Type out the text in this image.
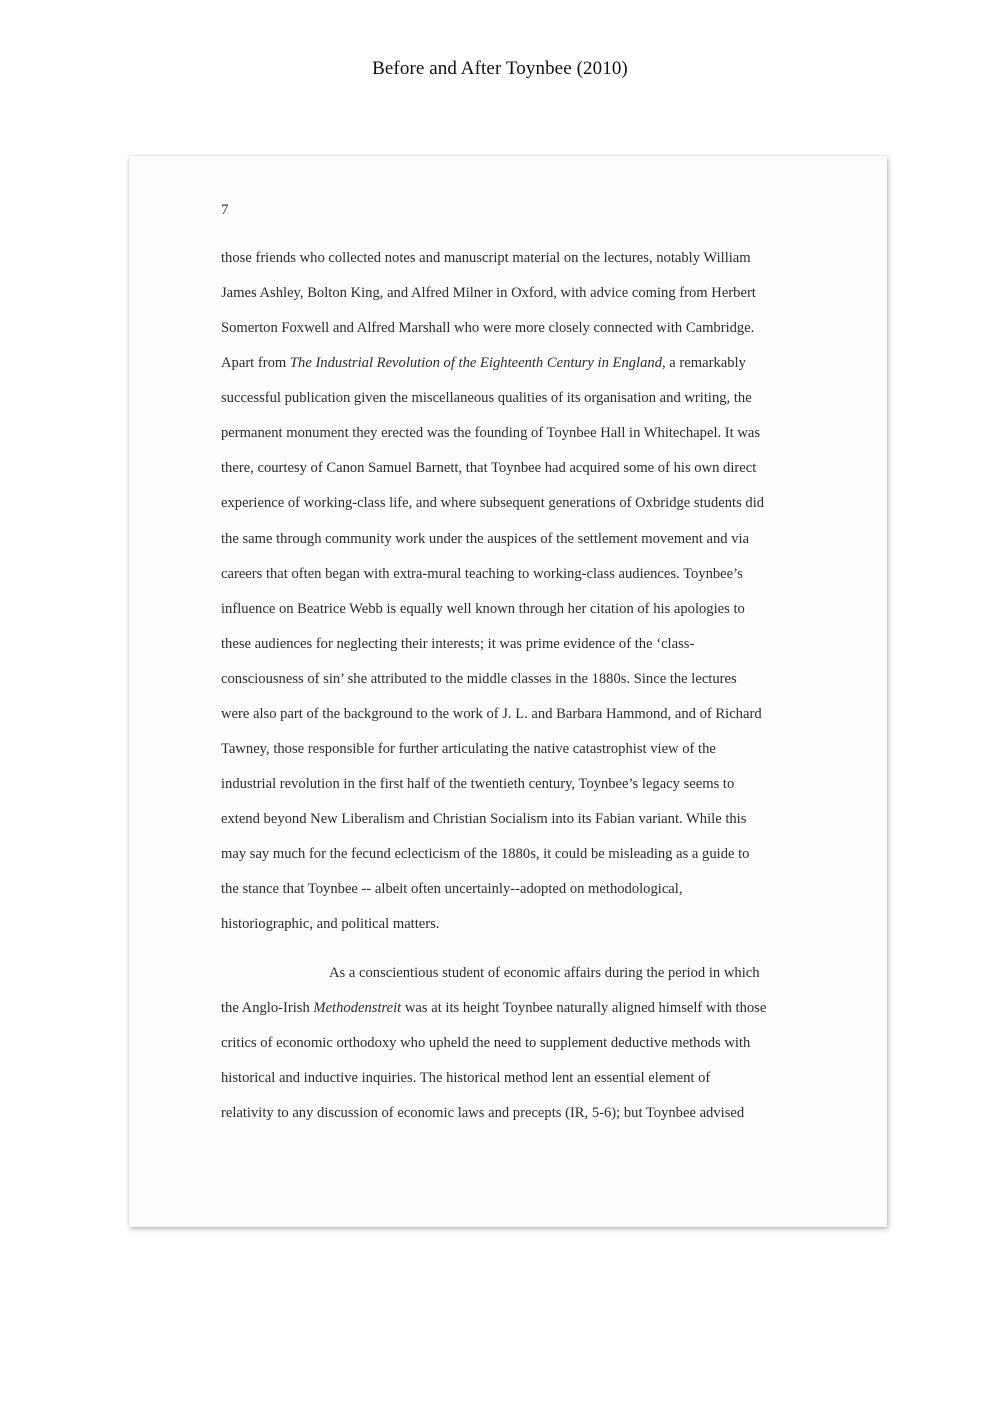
Before and After Toynbee (2010)
7
those friends who collected notes and manuscript material on the lectures, notably William
James Ashley, Bolton King, and Alfred Milner in Oxford, with advice coming from Herbert
Somerton Foxwell and Alfred Marshall who were more closely connected with Cambridge.
Apart from The Industrial Revolution of the Eighteenth Century in England, a remarkably
successful publication given the miscellaneous qualities of its organisation and writing, the
permanent monument they erected was the founding of Toynbee Hall in Whitechapel. It was
there, courtesy of Canon Samuel Barnett, that Toynbee had acquired some of his own direct
experience of working-class life, and where subsequent generations of Oxbridge students did
the same through community work under the auspices of the settlement movement and via
careers that often began with extra-mural teaching to working-class audiences. Toynbee’s
influence on Beatrice Webb is equally well known through her citation of his apologies to
these audiences for neglecting their interests; it was prime evidence of the ‘class-
consciousness of sin’ she attributed to the middle classes in the 1880s. Since the lectures
were also part of the background to the work of J. L. and Barbara Hammond, and of Richard
Tawney, those responsible for further articulating the native catastrophist view of the
industrial revolution in the first half of the twentieth century, Toynbee’s legacy seems to
extend beyond New Liberalism and Christian Socialism into its Fabian variant. While this
may say much for the fecund eclecticism of the 1880s, it could be misleading as a guide to
the stance that Toynbee -- albeit often uncertainly--adopted on methodological,
historiographic, and political matters.
As a conscientious student of economic affairs during the period in which
the Anglo-Irish Methodenstreit was at its height Toynbee naturally aligned himself with those
critics of economic orthodoxy who upheld the need to supplement deductive methods with
historical and inductive inquiries. The historical method lent an essential element of
relativity to any discussion of economic laws and precepts (IR, 5-6); but Toynbee advised
